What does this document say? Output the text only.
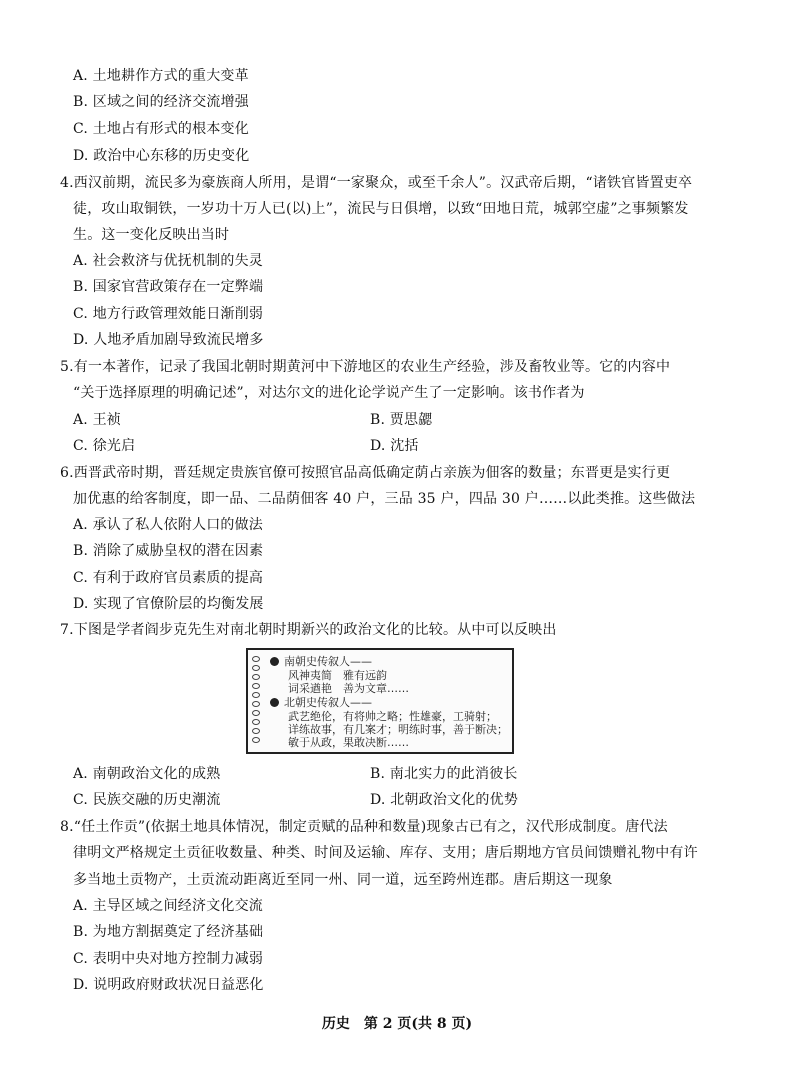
A. 土地耕作方式的重大变革
B. 区域之间的经济交流增强
C. 土地占有形式的根本变化
D. 政治中心东移的历史变化
4.西汉前期，流民多为豪族商人所用，是谓“一家聚众，或至千余人”。汉武帝后期，“诸铁官皆置吏卒
徒，攻山取铜铁，一岁功十万人已(以)上”，流民与日俱增，以致“田地日荒，城郭空虚”之事频繁发
生。这一变化反映出当时
A. 社会救济与优抚机制的失灵
B. 国家官营政策存在一定弊端
C. 地方行政管理效能日渐削弱
D. 人地矛盾加剧导致流民增多
5.有一本著作，记录了我国北朝时期黄河中下游地区的农业生产经验，涉及畜牧业等。它的内容中
“关于选择原理的明确记述”，对达尔文的进化论学说产生了一定影响。该书作者为
A. 王祯	B. 贾思勰
C. 徐光启	D. 沈括
6.西晋武帝时期，晋廷规定贵族官僚可按照官品高低确定荫占亲族为佃客的数量；东晋更是实行更
加优惠的给客制度，即一品、二品荫佃客 40 户，三品 35 户，四品 30 户……以此类推。这些做法
A. 承认了私人依附人口的做法
B. 消除了威胁皇权的潜在因素
C. 有利于政府官员素质的提高
D. 实现了官僚阶层的均衡发展
7.下图是学者阎步克先生对南北朝时期新兴的政治文化的比较。从中可以反映出
南朝史传叙人——
风神夷简　雅有远韵
词采遒艳　善为文章……
北朝史传叙人——
武艺绝伦，有将帅之略；性雄豪，工骑射；
详练故事，有几案才；明练时事，善于断决；
敏于从政，果敢决断……
A. 南朝政治文化的成熟	B. 南北实力的此消彼长
C. 民族交融的历史潮流	D. 北朝政治文化的优势
8.“任土作贡”(依据土地具体情况，制定贡赋的品种和数量)现象古已有之，汉代形成制度。唐代法
律明文严格规定土贡征收数量、种类、时间及运输、库存、支用；唐后期地方官员间馈赠礼物中有许
多当地土贡物产，土贡流动距离近至同一州、同一道，远至跨州连郡。唐后期这一现象
A. 主导区域之间经济文化交流
B. 为地方割据奠定了经济基础
C. 表明中央对地方控制力减弱
D. 说明政府财政状况日益恶化
历史　第 2 页(共 8 页)
